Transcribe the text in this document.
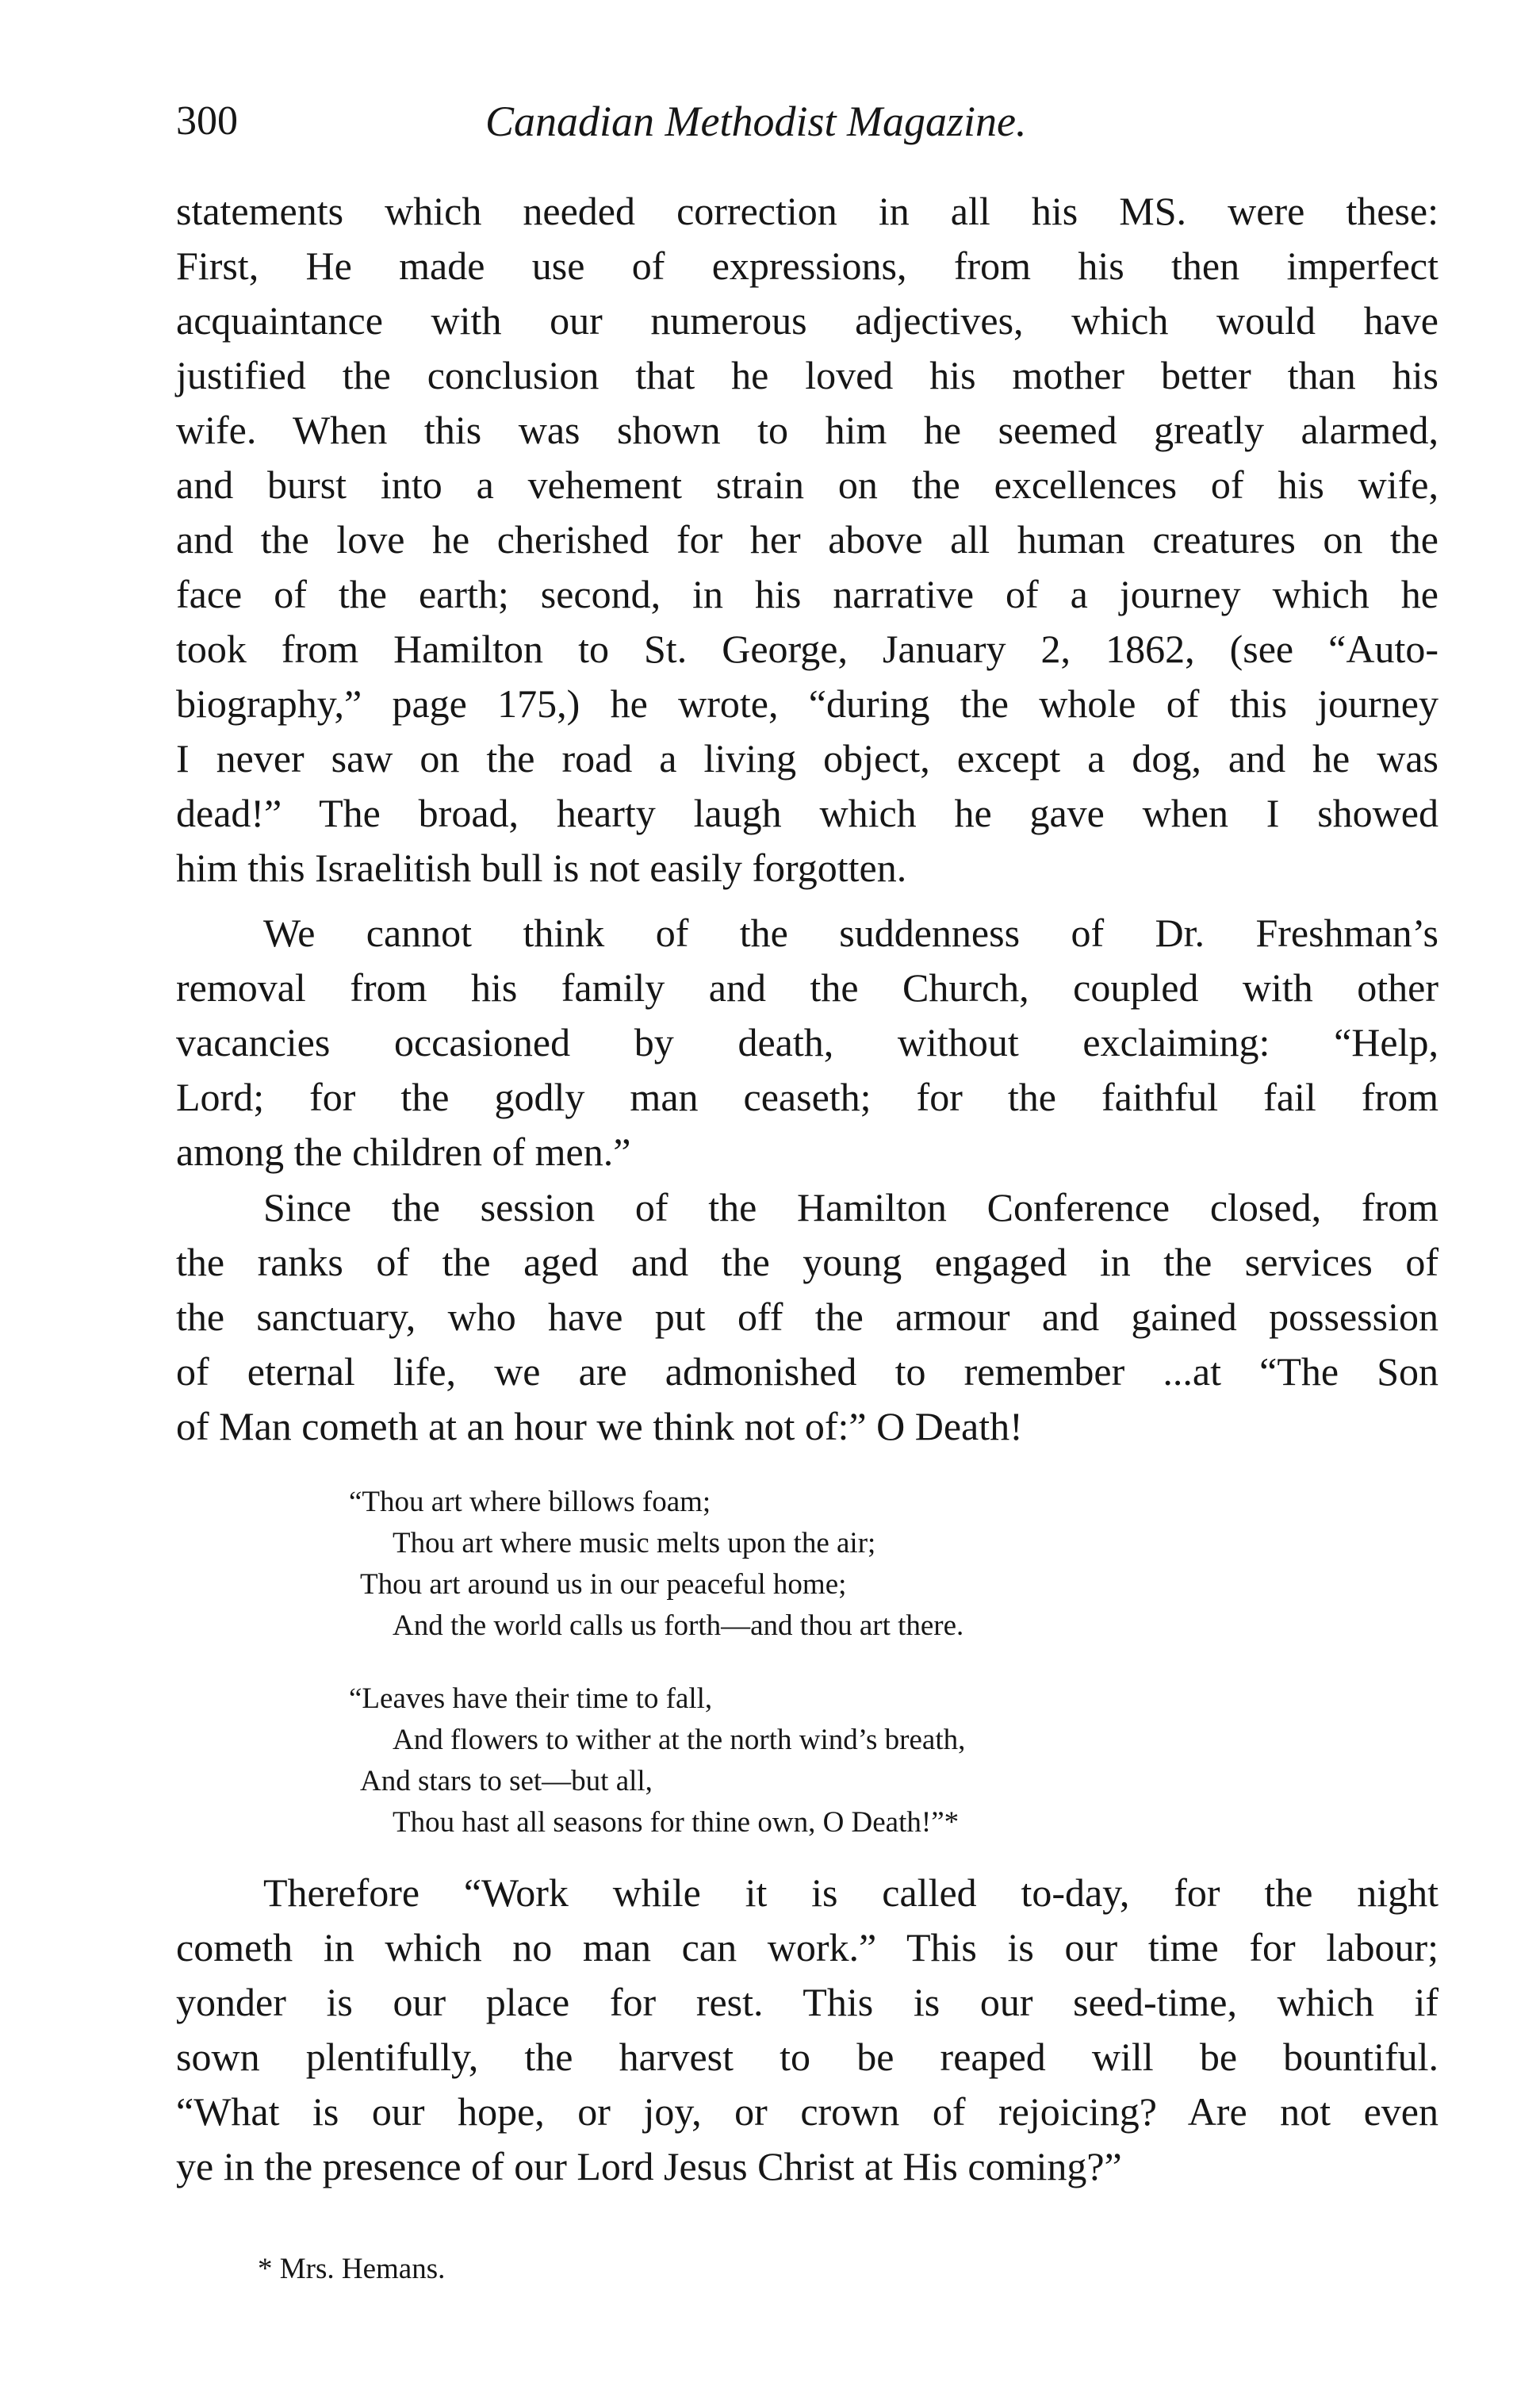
300	Canadian Methodist Magazine.

statements which needed correction in all his MS. were these:
First, He made use of expressions, from his then imperfect
acquaintance with our numerous adjectives, which would have
justified the conclusion that he loved his mother better than his
wife. When this was shown to him he seemed greatly alarmed,
and burst into a vehement strain on the excellences of his wife,
and the love he cherished for her above all human creatures on the
face of the earth; second, in his narrative of a journey which he
took from Hamilton to St. George, January 2, 1862, (see “Auto-
biography,” page 175,) he wrote, “during the whole of this journey
I never saw on the road a living object, except a dog, and he was
dead!” The broad, hearty laugh which he gave when I showed
him this Israelitish bull is not easily forgotten.

We cannot think of the suddenness of Dr. Freshman’s
removal from his family and the Church, coupled with other
vacancies occasioned by death, without exclaiming: “Help,
Lord; for the godly man ceaseth; for the faithful fail from
among the children of men.”

Since the session of the Hamilton Conference closed, from
the ranks of the aged and the young engaged in the services of
the sanctuary, who have put off the armour and gained possession
of eternal life, we are admonished to remember ...at “The Son
of Man cometh at an hour we think not of:” O Death!

“Thou art where billows foam;
Thou art where music melts upon the air;
Thou art around us in our peaceful home;
And the world calls us forth—and thou art there.
“Leaves have their time to fall,
And flowers to wither at the north wind’s breath,
And stars to set—but all,
Thou hast all seasons for thine own, O Death!”*

Therefore “Work while it is called to-day, for the night
cometh in which no man can work.” This is our time for labour;
yonder is our place for rest. This is our seed-time, which if
sown plentifully, the harvest to be reaped will be bountiful.
“What is our hope, or joy, or crown of rejoicing? Are not even
ye in the presence of our Lord Jesus Christ at His coming?”

* Mrs. Hemans.
